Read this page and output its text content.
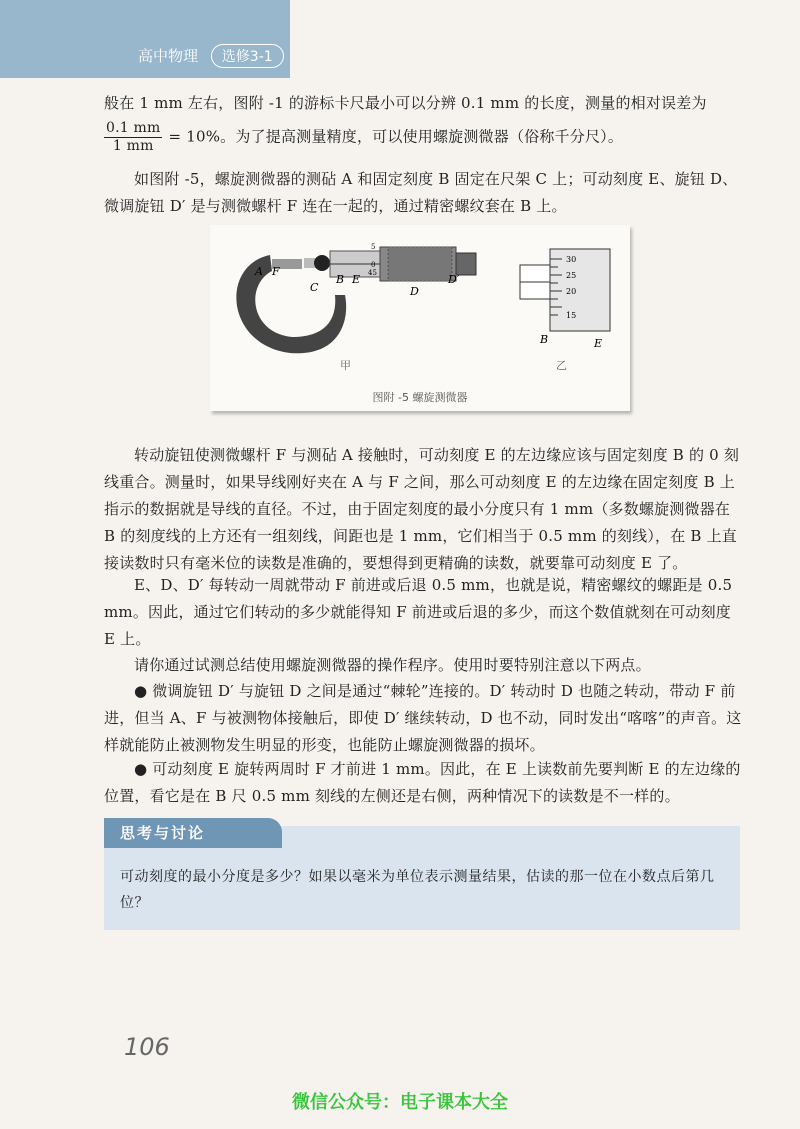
高中物理 选修3-1
般在 1 mm 左右，图附 -1 的游标卡尺最小可以分辨 0.1 mm 的长度，测量的相对误差为
$\frac{0.1 mm}{1 mm} = 10\%$。为了提高测量精度，可以使用螺旋测微器（俗称千分尺）。
如图附 -5，螺旋测微器的测砧 A 和固定刻度 B 固定在尺架 C 上；可动刻度 E、旋钮 D、微调旋钮 D′ 是与测微螺杆 F 连在一起的，通过精密螺纹套在 B 上。
A F
C
B E
D
D′
5
0
45
30
25
20
15
B	E
甲	乙
图附 -5 螺旋测微器
转动旋钮使测微螺杆 F 与测砧 A 接触时，可动刻度 E 的左边缘应该与固定刻度 B 的 0 刻线重合。测量时，如果导线刚好夹在 A 与 F 之间，那么可动刻度 E 的左边缘在固定刻度 B 上指示的数据就是导线的直径。不过，由于固定刻度的最小分度只有 1 mm（多数螺旋测微器在 B 的刻度线的上方还有一组刻线，间距也是 1 mm，它们相当于 0.5 mm 的刻线），在 B 上直接读数时只有毫米位的读数是准确的，要想得到更精确的读数，就要靠可动刻度 E 了。
E、D、D′ 每转动一周就带动 F 前进或后退 0.5 mm，也就是说，精密螺纹的螺距是 0.5 mm。因此，通过它们转动的多少就能得知 F 前进或后退的多少，而这个数值就刻在可动刻度 E 上。
请你通过试测总结使用螺旋测微器的操作程序。使用时要特别注意以下两点。
● 微调旋钮 D′ 与旋钮 D 之间是通过“棘轮”连接的。D′ 转动时 D 也随之转动，带动 F 前进，但当 A、F 与被测物体接触后，即使 D′ 继续转动，D 也不动，同时发出“喀喀”的声音。这样就能防止被测物发生明显的形变，也能防止螺旋测微器的损坏。
● 可动刻度 E 旋转两周时 F 才前进 1 mm。因此，在 E 上读数前先要判断 E 的左边缘的位置，看它是在 B 尺 0.5 mm 刻线的左侧还是右侧，两种情况下的读数是不一样的。
思考与讨论
可动刻度的最小分度是多少？如果以毫米为单位表示测量结果，估读的那一位在小数点后第几位？
106
微信公众号：电子课本大全
